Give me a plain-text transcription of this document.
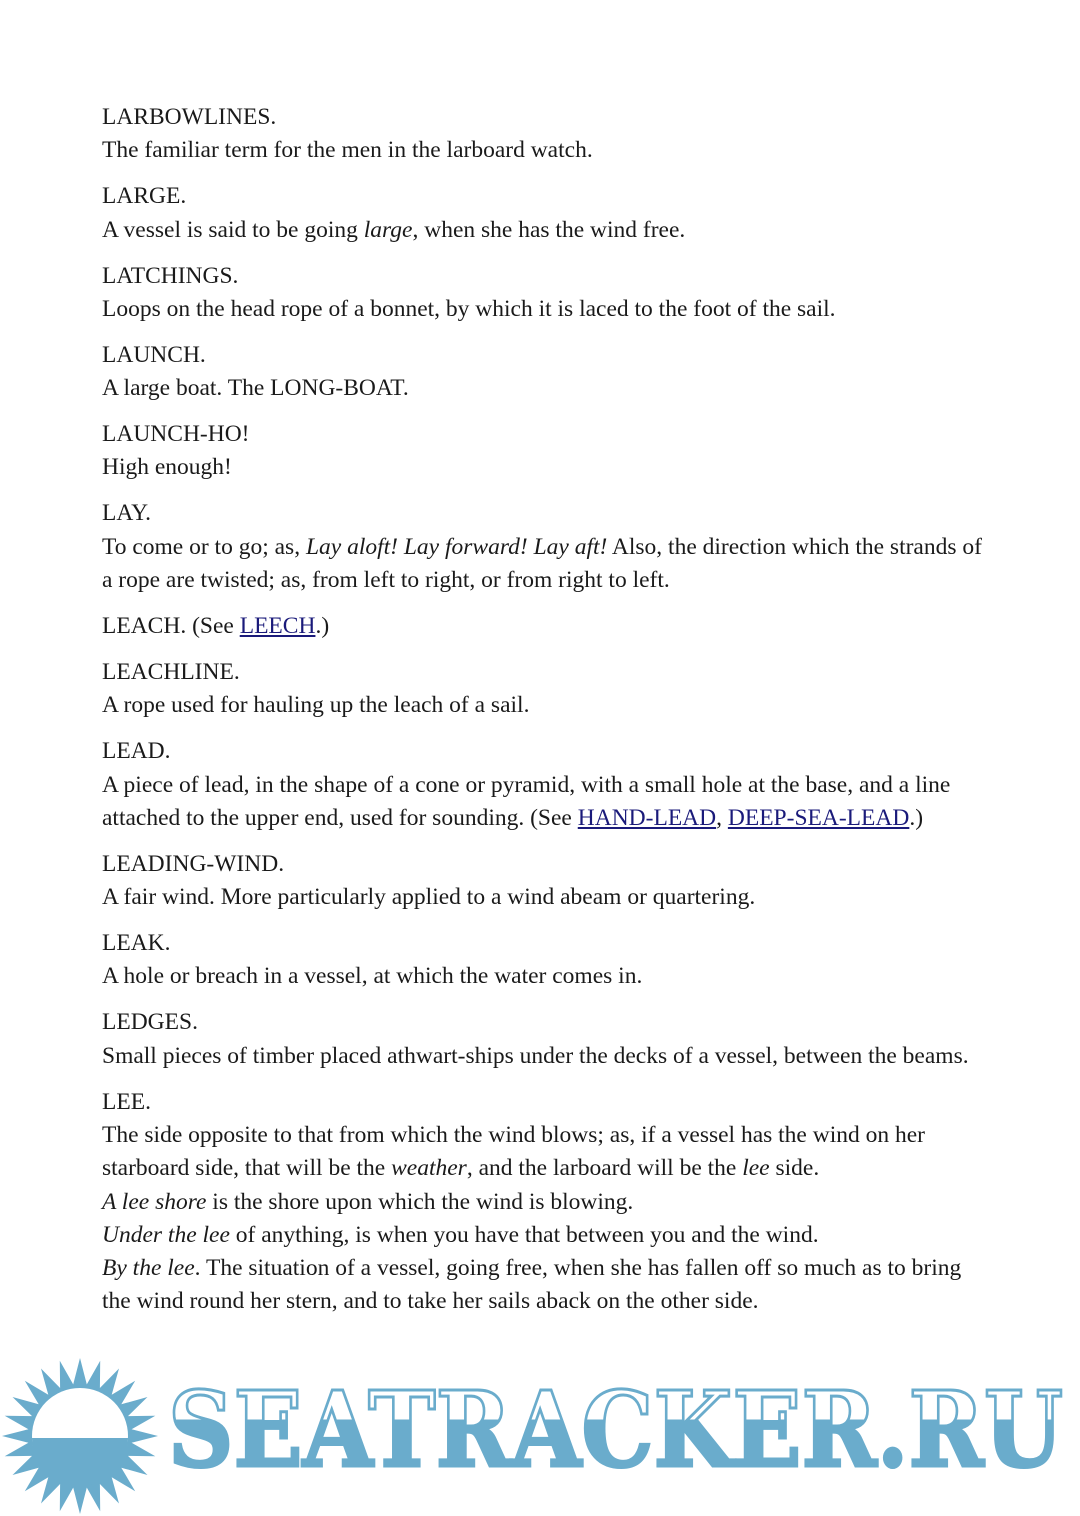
LARBOWLINES.

The familiar term for the men in the larboard watch.

LARGE.

A vessel is said to be going large, when she has the wind free.

LATCHINGS.

Loops on the head rope of a bonnet, by which it is laced to the foot of the sail.

LAUNCH.

A large boat. The LONG-BOAT.

LAUNCH-HO!

High enough!

LAY.

To come or to go; as, Lay aloft! Lay forward! Lay aft! Also, the direction which the strands of a rope are twisted; as, from left to right, or from right to left.

LEACH. (See LEECH.)

LEACHLINE.

A rope used for hauling up the leach of a sail.

LEAD.

A piece of lead, in the shape of a cone or pyramid, with a small hole at the base, and a line attached to the upper end, used for sounding. (See HAND-LEAD, DEEP-SEA-LEAD.)

LEADING-WIND.

A fair wind. More particularly applied to a wind abeam or quartering.

LEAK.

A hole or breach in a vessel, at which the water comes in.

LEDGES.

Small pieces of timber placed athwart-ships under the decks of a vessel, between the beams.

LEE.

The side opposite to that from which the wind blows; as, if a vessel has the wind on her starboard side, that will be the weather, and the larboard will be the lee side.

A lee shore is the shore upon which the wind is blowing.

Under the lee of anything, is when you have that between you and the wind.

By the lee. The situation of a vessel, going free, when she has fallen off so much as to bring the wind round her stern, and to take her sails aback on the other side.

SEATRACKER.RU
